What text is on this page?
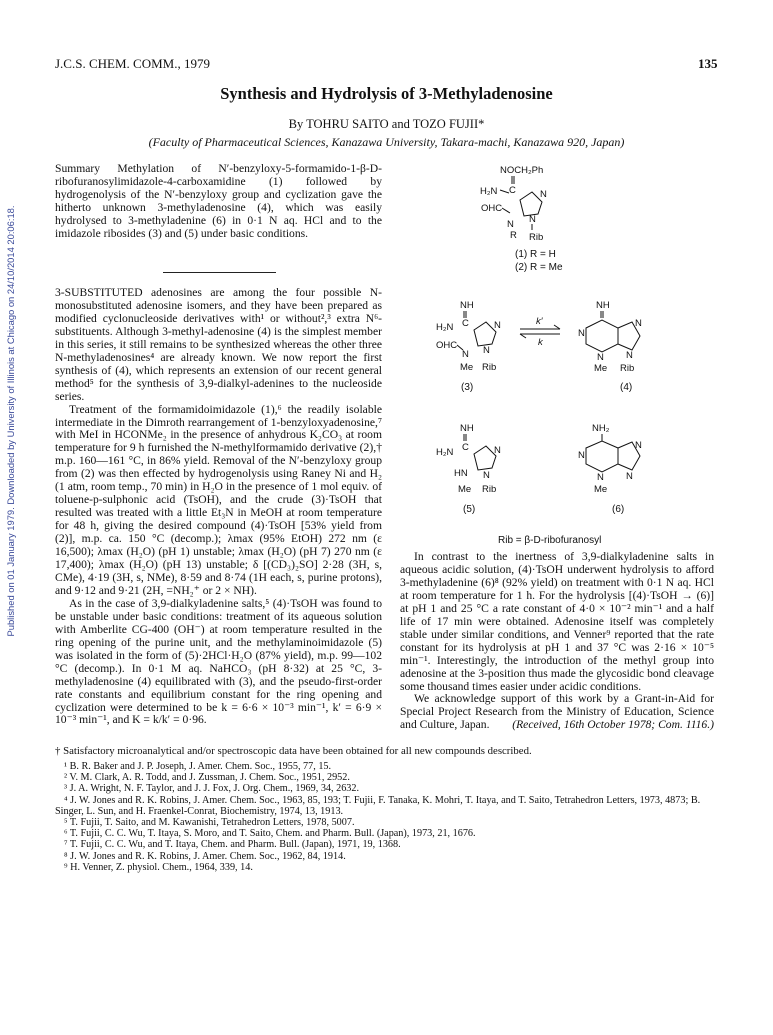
Published on 01 January 1979. Downloaded by University of Illinois at Chicago on 24/10/2014 20:06:18.
J.C.S. CHEM. COMM., 1979	135
Synthesis and Hydrolysis of 3-Methyladenosine
By TOHRU SAITO and TOZO FUJII*
(Faculty of Pharmaceutical Sciences, Kanazawa University, Takara-machi, Kanazawa 920, Japan)

Summary Methylation of N′-benzyloxy-5-formamido-1-β-D-ribofuranosylimidazole-4-carboxamidine (1) followed by hydrogenolysis of the N′-benzyloxy group and cyclization gave the hitherto unknown 3-methyladenosine (4), which was easily hydrolysed to 3-methyladenine (6) in 0·1 N aq. HCl and to the imidazole ribosides (3) and (5) under basic conditions.

3-SUBSTITUTED adenosines are among the four possible N-monosubstituted adenosine isomers, and they have been prepared as modified cyclonucleoside derivatives with¹ or without²,³ extra N⁶-substituents. Although 3-methyl-adenosine (4) is the simplest member in this series, it still remains to be synthesized whereas the other three N-methyladenosines⁴ are already known. We now report the first synthesis of (4), which represents an extension of our recent general method⁵ for the synthesis of 3,9-dialkyl-adenines to the nucleoside series.

Treatment of the formamidoimidazole (1),⁶ the readily isolable intermediate in the Dimroth rearrangement of 1-benzyloxyadenosine,⁷ with MeI in HCONMe₂ in the presence of anhydrous K₂CO₃ at room temperature for 9 h furnished the N-methylformamido derivative (2),† m.p. 160—161 °C, in 86% yield. Removal of the N′-benzyloxy group from (2) was then effected by hydrogenolysis using Raney Ni and H₂ (1 atm, room temp., 70 min) in H₂O in the presence of 1 mol equiv. of toluene-p-sulphonic acid (TsOH), and the crude (3)·TsOH that resulted was treated with a little Et₃N in MeOH at room temperature for 48 h, giving the desired compound (4)·TsOH [53% yield from (2)], m.p. ca. 150 °C (decomp.); λmax (95% EtOH) 272 nm (ε 16,500); λmax (H₂O) (pH 1) unstable; λmax (H₂O) (pH 7) 270 nm (ε 17,400); λmax (H₂O) (pH 13) unstable; δ [(CD₃)₂SO] 2·28 (3H, s, CMe), 4·19 (3H, s, NMe), 8·59 and 8·74 (1H each, s, purine protons), and 9·12 and 9·21 (2H, =NH₂⁺ or 2 × NH).

As in the case of 3,9-dialkyladenine salts,⁵ (4)·TsOH was found to be unstable under basic conditions: treatment of its aqueous solution with Amberlite CG-400 (OH⁻) at room temperature resulted in the ring opening of the purine unit, and the methylaminoimidazole (5) was isolated in the form of (5)·2HCl·H₂O (87% yield), m.p. 99—102 °C (decomp.). In 0·1 M aq. NaHCO₃ (pH 8·32) at 25 °C, 3-methyladenosine (4) equilibrated with (3), and the pseudo-first-order rate constants and equilibrium constant for the ring opening and cyclization were determined to be k = 6·6 × 10⁻³ min⁻¹, k′ = 6·9 × 10⁻³ min⁻¹, and K = k/k′ = 0·96.

NOCH₂Ph
H₂N C
OHC
N
N
N
R Rib
(1) R = H
(2) R = Me
NH
H₂N C	N
N
OHC
N
Me Rib
(3)
k′
k
NH
N
N
N
N
Me Rib
(4)
NH
H₂N C	N
N
HN
Me Rib
(5)
NH₂
N
N
N
N
Me
(6)
Rib = β-D-ribofuranosyl

In contrast to the inertness of 3,9-dialkyladenine salts in aqueous acidic solution, (4)·TsOH underwent hydrolysis to afford 3-methyladenine (6)⁸ (92% yield) on treatment with 0·1 N aq. HCl at room temperature for 1 h. For the hydrolysis [(4)·TsOH → (6)] at pH 1 and 25 °C a rate constant of 4·0 × 10⁻² min⁻¹ and a half life of 17 min were obtained. Adenosine itself was completely stable under similar conditions, and Venner⁹ reported that the rate constant for its hydrolysis at pH 1 and 37 °C was 2·16 × 10⁻⁵ min⁻¹. Interestingly, the introduction of the methyl group into adenosine at the 3-position thus made the glycosidic bond cleavage some thousand times easier under acidic conditions.

We acknowledge support of this work by a Grant-in-Aid for Special Project Research from the Ministry of Education, Science and Culture, Japan.	(Received, 16th October 1978; Com. 1116.)
† Satisfactory microanalytical and/or spectroscopic data have been obtained for all new compounds described.

¹ B. R. Baker and J. P. Joseph, J. Amer. Chem. Soc., 1955, 77, 15.

² V. M. Clark, A. R. Todd, and J. Zussman, J. Chem. Soc., 1951, 2952.

³ J. A. Wright, N. F. Taylor, and J. J. Fox, J. Org. Chem., 1969, 34, 2632.

⁴ J. W. Jones and R. K. Robins, J. Amer. Chem. Soc., 1963, 85, 193; T. Fujii, F. Tanaka, K. Mohri, T. Itaya, and T. Saito, Tetrahedron Letters, 1973, 4873; B. Singer, L. Sun, and H. Fraenkel-Conrat, Biochemistry, 1974, 13, 1913.

⁵ T. Fujii, T. Saito, and M. Kawanishi, Tetrahedron Letters, 1978, 5007.

⁶ T. Fujii, C. C. Wu, T. Itaya, S. Moro, and T. Saito, Chem. and Pharm. Bull. (Japan), 1973, 21, 1676.

⁷ T. Fujii, C. C. Wu, and T. Itaya, Chem. and Pharm. Bull. (Japan), 1971, 19, 1368.

⁸ J. W. Jones and R. K. Robins, J. Amer. Chem. Soc., 1962, 84, 1914.

⁹ H. Venner, Z. physiol. Chem., 1964, 339, 14.
